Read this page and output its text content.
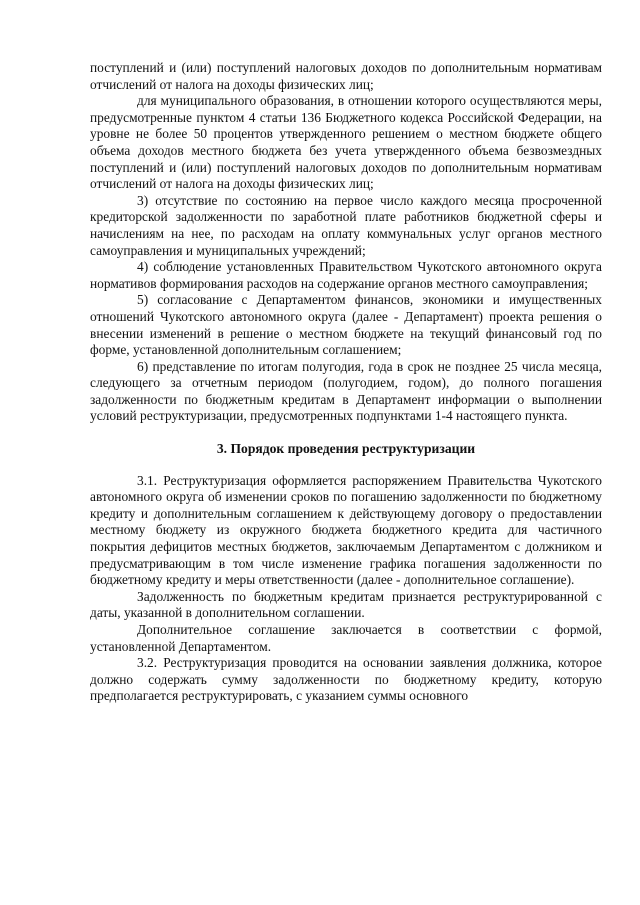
поступлений и (или) поступлений налоговых доходов по дополнительным нормативам отчислений от налога на доходы физических лиц;

для муниципального образования, в отношении которого осуществляются меры, предусмотренные пунктом 4 статьи 136 Бюджетного кодекса Российской Федерации, на уровне не более 50 процентов утвержденного решением о местном бюджете общего объема доходов местного бюджета без учета утвержденного объема безвозмездных поступлений и (или) поступлений налоговых доходов по дополнительным нормативам отчислений от налога на доходы физических лиц;

3) отсутствие по состоянию на первое число каждого месяца просроченной кредиторской задолженности по заработной плате работников бюджетной сферы и начислениям на нее, по расходам на оплату коммунальных услуг органов местного самоуправления и муниципальных учреждений;

4) соблюдение установленных Правительством Чукотского автономного округа нормативов формирования расходов на содержание органов местного самоуправления;

5) согласование с Департаментом финансов, экономики и имущественных отношений Чукотского автономного округа (далее - Департамент) проекта решения о внесении изменений в решение о местном бюджете на текущий финансовый год по форме, установленной дополнительным соглашением;

6) представление по итогам полугодия, года в срок не позднее 25 числа месяца, следующего за отчетным периодом (полугодием, годом), до полного погашения задолженности по бюджетным кредитам в Департамент информации о выполнении условий реструктуризации, предусмотренных подпунктами 1-4 настоящего пункта.

3. Порядок проведения реструктуризации

3.1. Реструктуризация оформляется распоряжением Правительства Чукотского автономного округа об изменении сроков по погашению задолженности по бюджетному кредиту и дополнительным соглашением к действующему договору о предоставлении местному бюджету из окружного бюджета бюджетного кредита для частичного покрытия дефицитов местных бюджетов, заключаемым Департаментом с должником и предусматривающим в том числе изменение графика погашения задолженности по бюджетному кредиту и меры ответственности (далее - дополнительное соглашение).

Задолженность по бюджетным кредитам признается реструктурированной с даты, указанной в дополнительном соглашении.

Дополнительное соглашение заключается в соответствии с формой, установленной Департаментом.

3.2. Реструктуризация проводится на основании заявления должника, которое должно содержать сумму задолженности по бюджетному кредиту, которую предполагается реструктурировать, с указанием суммы основного
